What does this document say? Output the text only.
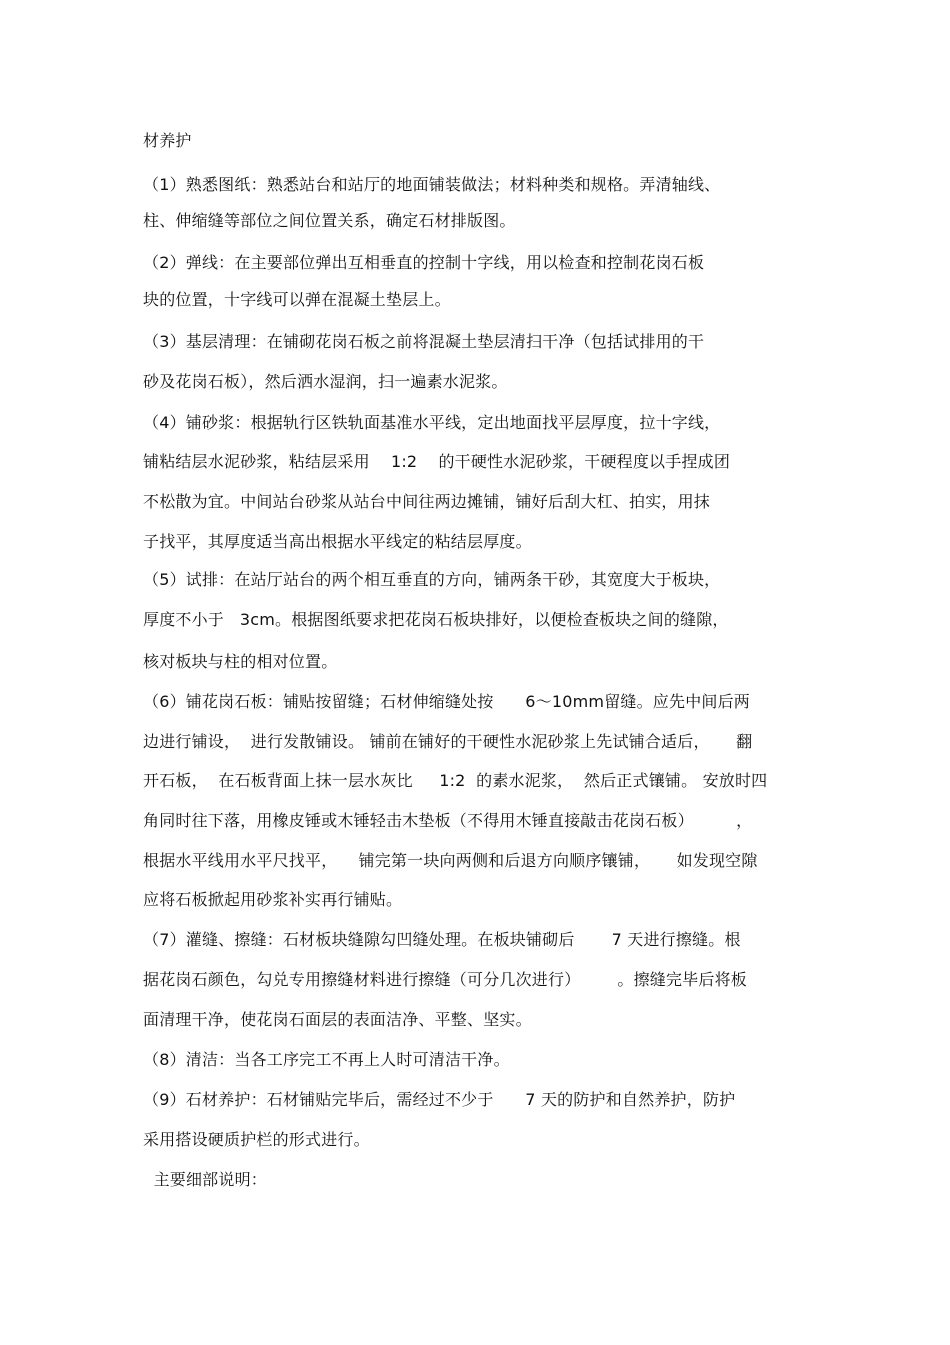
材养护
（1）熟悉图纸：熟悉站台和站厅的地面铺装做法；材料种类和规格。弄清轴线、
柱、伸缩缝等部位之间位置关系，确定石材排版图。
（2）弹线：在主要部位弹出互相垂直的控制十字线，用以检查和控制花岗石板
块的位置，十字线可以弹在混凝土垫层上。
（3）基层清理：在铺砌花岗石板之前将混凝土垫层清扫干净（包括试排用的干
砂及花岗石板），然后洒水湿润，扫一遍素水泥浆。
（4）铺砂浆：根据轨行区铁轨面基准水平线，定出地面找平层厚度，拉十字线，
铺粘结层水泥砂浆，粘结层采用    1:2    的干硬性水泥砂浆，干硬程度以手捏成团
不松散为宜。中间站台砂浆从站台中间往两边摊铺，铺好后刮大杠、拍实，用抹
子找平，其厚度适当高出根据水平线定的粘结层厚度。
（5）试排：在站厅站台的两个相互垂直的方向，铺两条干砂，其宽度大于板块，
厚度不小于   3cm。根据图纸要求把花岗石板块排好，以便检查板块之间的缝隙，
核对板块与柱的相对位置。
（6）铺花岗石板：铺贴按留缝；石材伸缩缝处按      6～10mm留缝。应先中间后两
边进行铺设，  进行发散铺设。 铺前在铺好的干硬性水泥砂浆上先试铺合适后，     翻
开石板，  在石板背面上抹一层水灰比     1:2  的素水泥浆，  然后正式镶铺。 安放时四
角同时往下落，用橡皮锤或木锤轻击木垫板（不得用木锤直接敲击花岗石板）        ，
根据水平线用水平尺找平，    铺完第一块向两侧和后退方向顺序镶铺，     如发现空隙
应将石板掀起用砂浆补实再行铺贴。
（7）灌缝、擦缝：石材板块缝隙勾凹缝处理。在板块铺砌后       7 天进行擦缝。根
据花岗石颜色，勾兑专用擦缝材料进行擦缝（可分几次进行）       。擦缝完毕后将板
面清理干净，使花岗石面层的表面洁净、平整、坚实。
（8）清洁：当各工序完工不再上人时可清洁干净。
（9）石材养护：石材铺贴完毕后，需经过不少于      7 天的防护和自然养护，防护
采用搭设硬质护栏的形式进行。
主要细部说明：
